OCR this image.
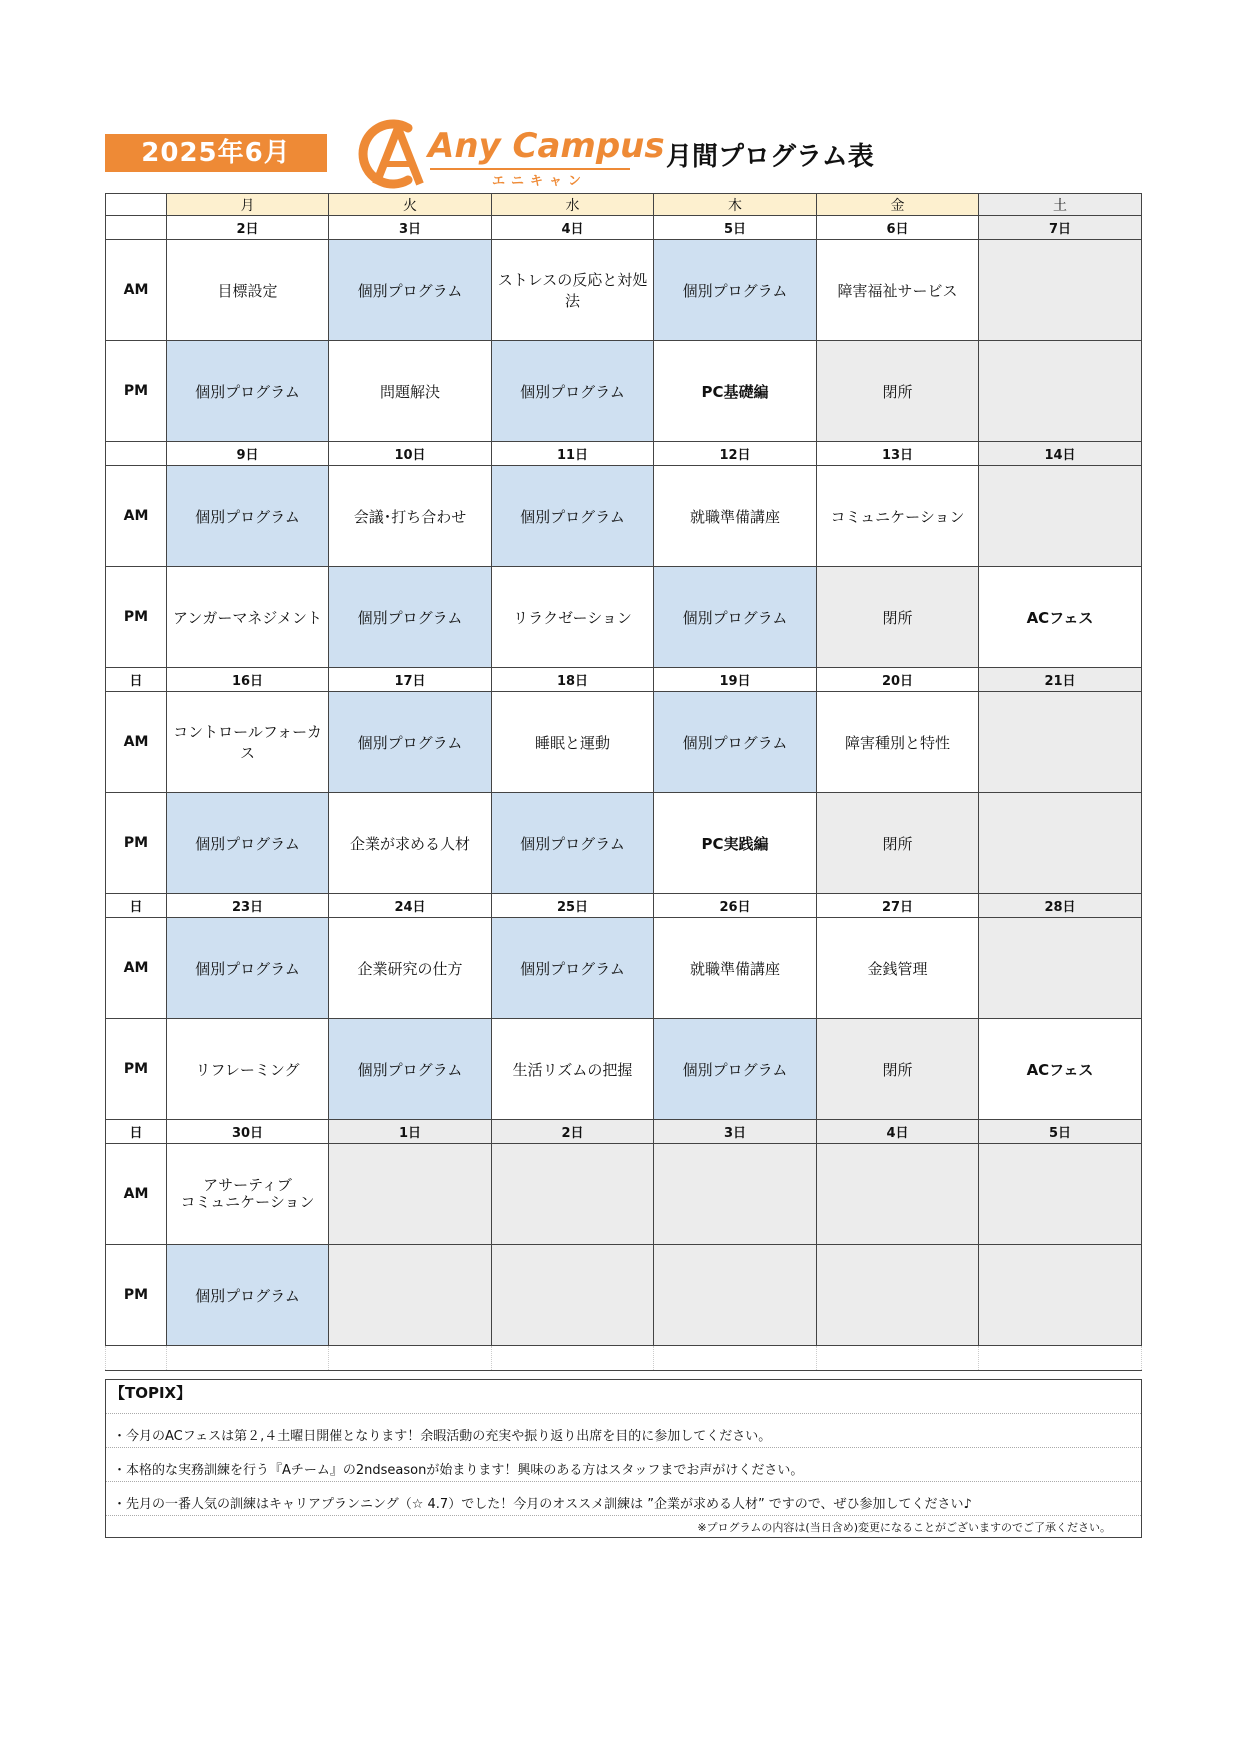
2025年6月	Any Campus
エニキャン
月間プログラム表
	月	火	水	木	金	土
	2日	3日	4日	5日	6日	7日
AM	目標設定	個別プログラム	ストレスの反応と対処法	個別プログラム	障害福祉サービス	
PM	個別プログラム	問題解決	個別プログラム	PC基礎編	閉所	
	9日	10日	11日	12日	13日	14日
AM	個別プログラム	会議･打ち合わせ	個別プログラム	就職準備講座	コミュニケーション	
PM	アンガーマネジメント	個別プログラム	リラクゼーション	個別プログラム	閉所	ACフェス
日	16日	17日	18日	19日	20日	21日
AM	コントロールフォーカス	個別プログラム	睡眠と運動	個別プログラム	障害種別と特性	
PM	個別プログラム	企業が求める人材	個別プログラム	PC実践編	閉所	
日	23日	24日	25日	26日	27日	28日
AM	個別プログラム	企業研究の仕方	個別プログラム	就職準備講座	金銭管理	
PM	リフレーミング	個別プログラム	生活リズムの把握	個別プログラム	閉所	ACフェス
日	30日	1日	2日	3日	4日	5日
AM	アサーティブ
コミュニケーション					
PM	個別プログラム					

【TOPIX】
・今月のACフェスは第２,４土曜日開催となります！余暇活動の充実や振り返り出席を目的に参加してください。
・本格的な実務訓練を行う『Aチーム』の2ndseasonが始まります！興味のある方はスタッフまでお声がけください。
・先月の一番人気の訓練はキャリアプランニング（☆ 4.7）でした！今月のオススメ訓練は ”企業が求める人材” ですので、ぜひ参加してください♪
※プログラムの内容は(当日含め)変更になることがございますのでご了承ください。
